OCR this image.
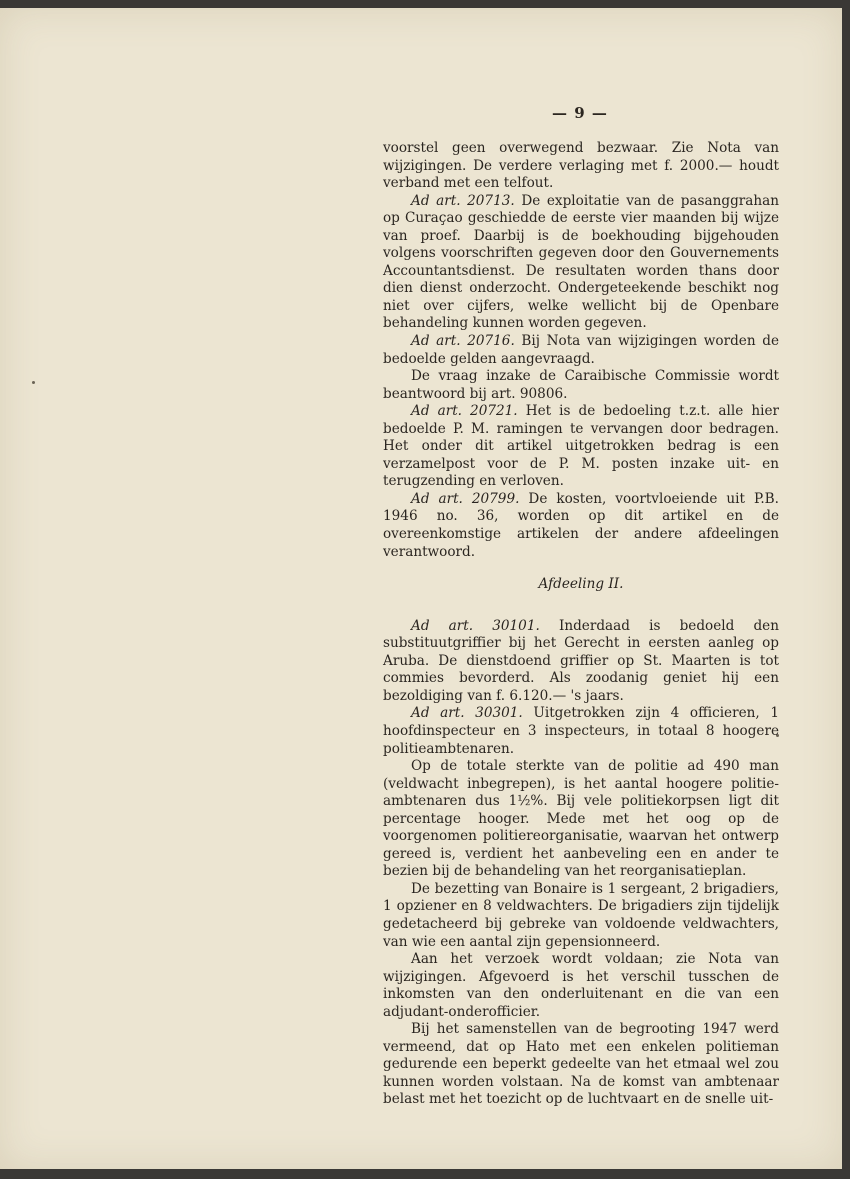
— 9 —

voorstel geen overwegend bezwaar. Zie Nota van wijzigingen. De verdere verlaging met f. 2000.— houdt verband met een telfout.

Ad art. 20713. De exploitatie van de pasanggrahan op Curaçao geschiedde de eerste vier maanden bij wijze van proef. Daarbij is de boekhouding bijgehouden volgens voorschriften gegeven door den Gouvernements Accountantsdienst. De resultaten worden thans door dien dienst onderzocht. Ondergeteekende beschikt nog niet over cijfers, welke wellicht bij de Openbare behandeling kunnen worden gegeven.

Ad art. 20716. Bij Nota van wijzigingen worden de bedoelde gelden aangevraagd.

De vraag inzake de Caraibische Commissie wordt beantwoord bij art. 90806.

Ad art. 20721. Het is de bedoeling t.z.t. alle hier bedoelde P. M. ramingen te vervangen door bedragen. Het onder dit artikel uitgetrokken bedrag is een verzamelpost voor de P. M. posten inzake uit- en terugzending en verloven.

Ad art. 20799. De kosten, voortvloeiende uit P.B. 1946 no. 36, worden op dit artikel en de overeenkomstige artikelen der andere afdeelingen verantwoord.

Afdeeling II.

Ad art. 30101. Inderdaad is bedoeld den substituutgriffier bij het Gerecht in eersten aanleg op Aruba. De dienstdoend griffier op St. Maarten is tot commies bevorderd. Als zoodanig geniet hij een bezoldiging van f. 6.120.— 's jaars.

Ad art. 30301. Uitgetrokken zijn 4 officieren, 1 hoofdinspecteur en 3 inspecteurs, in totaal 8 hoogere politieambtenaren.

Op de totale sterkte van de politie ad 490 man (veldwacht inbegrepen), is het aantal hoogere politie-ambtenaren dus 1½%. Bij vele politiekorpsen ligt dit percentage hooger. Mede met het oog op de voorgenomen politiereorganisatie, waarvan het ontwerp gereed is, verdient het aanbeveling een en ander te bezien bij de behandeling van het reorganisatieplan.

De bezetting van Bonaire is 1 sergeant, 2 brigadiers, 1 opziener en 8 veldwachters. De brigadiers zijn tijdelijk gedetacheerd bij gebreke van voldoende veldwachters, van wie een aantal zijn gepensionneerd.

Aan het verzoek wordt voldaan; zie Nota van wijzigingen. Afgevoerd is het verschil tusschen de inkomsten van den onderluitenant en die van een adjudant-onderofficier.

Bij het samenstellen van de begrooting 1947 werd vermeend, dat op Hato met een enkelen politieman gedurende een beperkt gedeelte van het etmaal wel zou kunnen worden volstaan. Na de komst van ambtenaar belast met het toezicht op de luchtvaart en de snelle uit-
